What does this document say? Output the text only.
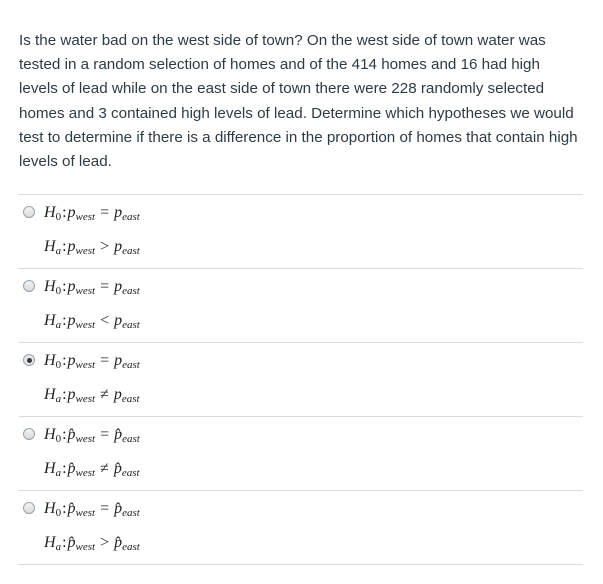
Is the water bad on the west side of town? On the west side of town water was tested in a random selection of homes and of the 414 homes and 16 had high levels of lead while on the east side of town there were 228 randomly selected homes and 3 contained high levels of lead. Determine which hypotheses we would test to determine if there is a difference in the proportion of homes that contain high levels of lead.

$H_0:p_{west} = p_{east}$
$H_a:p_{west} > p_{east}$
$H_0:p_{west} = p_{east}$
$H_a:p_{west} < p_{east}$
$H_0:p_{west} = p_{east}$
$H_a:p_{west} \ne p_{east}$
$H_0:p̂_{west}$ = $p̂_{east}$
$H_a:p̂_{west}$ ≠ $p̂_{east}$
$H_0:p̂_{west}$ = $p̂_{east}$
$H_a:p̂_{west}$ > $p̂_{east}$
